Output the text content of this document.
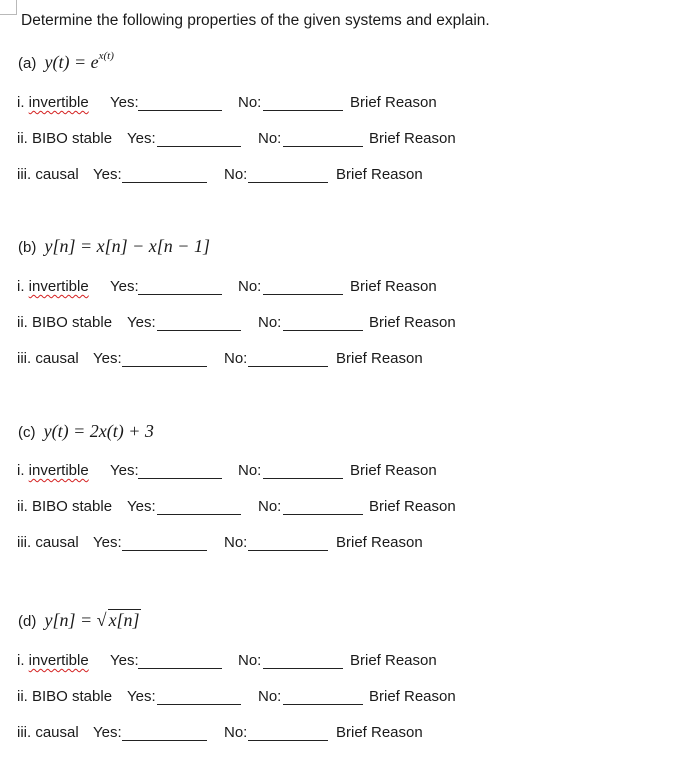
Determine the following properties of the given systems and explain.
(a) $y(t) = e^{x(t)}$
(b) y[n] = x[n] − x[n − 1]
(c) y(t) = 2x(t) + 3
(d) y[n] = √ x[n]
i. invertible Yes:	No:	Brief Reason
ii. BIBO stable Yes:	No:	Brief Reason
iii. causal Yes:	No:	Brief Reason
i. invertible Yes:	No:	Brief Reason
ii. BIBO stable Yes:	No:	Brief Reason
iii. causal Yes:	No:	Brief Reason
i. invertible Yes:	No:	Brief Reason
ii. BIBO stable Yes:	No:	Brief Reason
iii. causal Yes:	No:	Brief Reason
i. invertible Yes:	No:	Brief Reason
ii. BIBO stable Yes:	No:	Brief Reason
iii. causal Yes:	No:	Brief Reason
